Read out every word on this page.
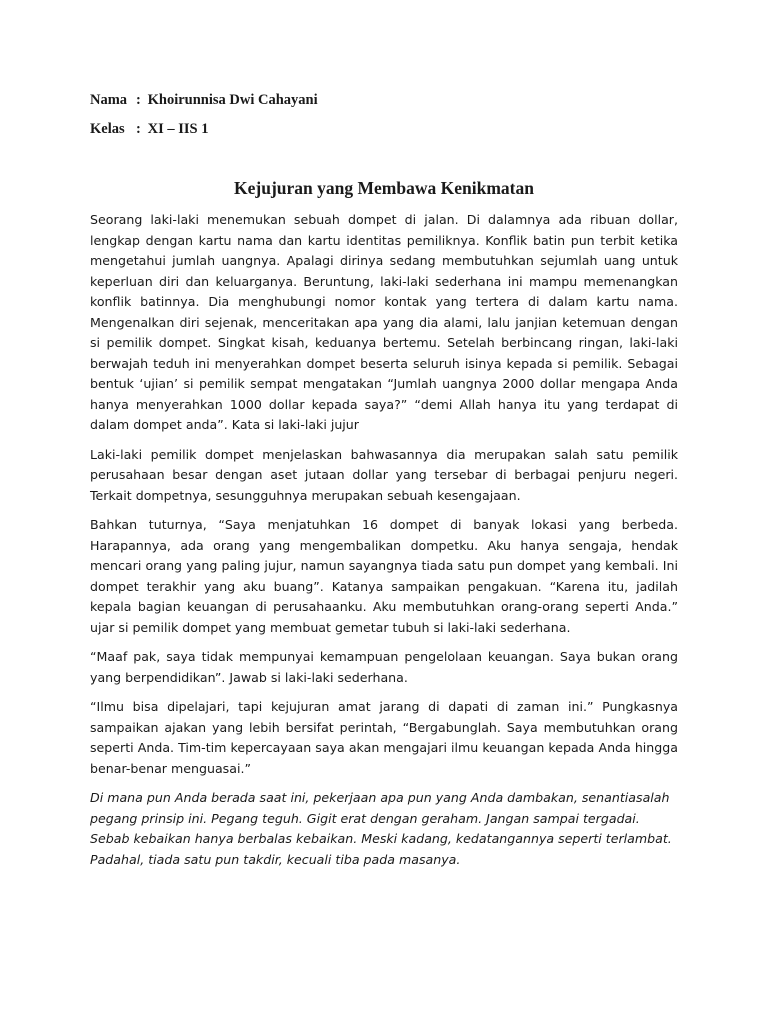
Nama : Khoirunnisa Dwi Cahayani
Kelas : XI – IIS 1
Kejujuran yang Membawa Kenikmatan

Seorang laki-laki menemukan sebuah dompet di jalan. Di dalamnya ada ribuan dollar, lengkap dengan kartu nama dan kartu identitas pemiliknya. Konflik batin pun terbit ketika mengetahui jumlah uangnya. Apalagi dirinya sedang membutuhkan sejumlah uang untuk keperluan diri dan keluarganya. Beruntung, laki-laki sederhana ini mampu memenangkan konflik batinnya. Dia menghubungi nomor kontak yang tertera di dalam kartu nama. Mengenalkan diri sejenak, menceritakan apa yang dia alami, lalu janjian ketemuan dengan si pemilik dompet. Singkat kisah, keduanya bertemu. Setelah berbincang ringan, laki-laki berwajah teduh ini menyerahkan dompet beserta seluruh isinya kepada si pemilik. Sebagai bentuk ‘ujian’ si pemilik sempat mengatakan “Jumlah uangnya 2000 dollar mengapa Anda hanya menyerahkan 1000 dollar kepada saya?” “demi Allah hanya itu yang terdapat di dalam dompet anda”. Kata si laki-laki jujur

Laki-laki pemilik dompet menjelaskan bahwasannya dia merupakan salah satu pemilik perusahaan besar dengan aset jutaan dollar yang tersebar di berbagai penjuru negeri. Terkait dompetnya, sesungguhnya merupakan sebuah kesengajaan.

Bahkan tuturnya, “Saya menjatuhkan 16 dompet di banyak lokasi yang berbeda. Harapannya, ada orang yang mengembalikan dompetku. Aku hanya sengaja, hendak mencari orang yang paling jujur, namun sayangnya tiada satu pun dompet yang kembali. Ini dompet terakhir yang aku buang”. Katanya sampaikan pengakuan. “Karena itu, jadilah kepala bagian keuangan di perusahaanku. Aku membutuhkan orang-orang seperti Anda.” ujar si pemilik dompet yang membuat gemetar tubuh si laki-laki sederhana.

“Maaf pak, saya tidak mempunyai kemampuan pengelolaan keuangan. Saya bukan orang yang berpendidikan”. Jawab si laki-laki sederhana.

“Ilmu bisa dipelajari, tapi kejujuran amat jarang di dapati di zaman ini.” Pungkasnya sampaikan ajakan yang lebih bersifat perintah, “Bergabunglah. Saya membutuhkan orang seperti Anda. Tim-tim kepercayaan saya akan mengajari ilmu keuangan kepada Anda hingga benar-benar menguasai.”

Di mana pun Anda berada saat ini, pekerjaan apa pun yang Anda dambakan, senantiasalah pegang prinsip ini. Pegang teguh. Gigit erat dengan geraham. Jangan sampai tergadai. Sebab kebaikan hanya berbalas kebaikan. Meski kadang, kedatangannya seperti terlambat. Padahal, tiada satu pun takdir, kecuali tiba pada masanya.
